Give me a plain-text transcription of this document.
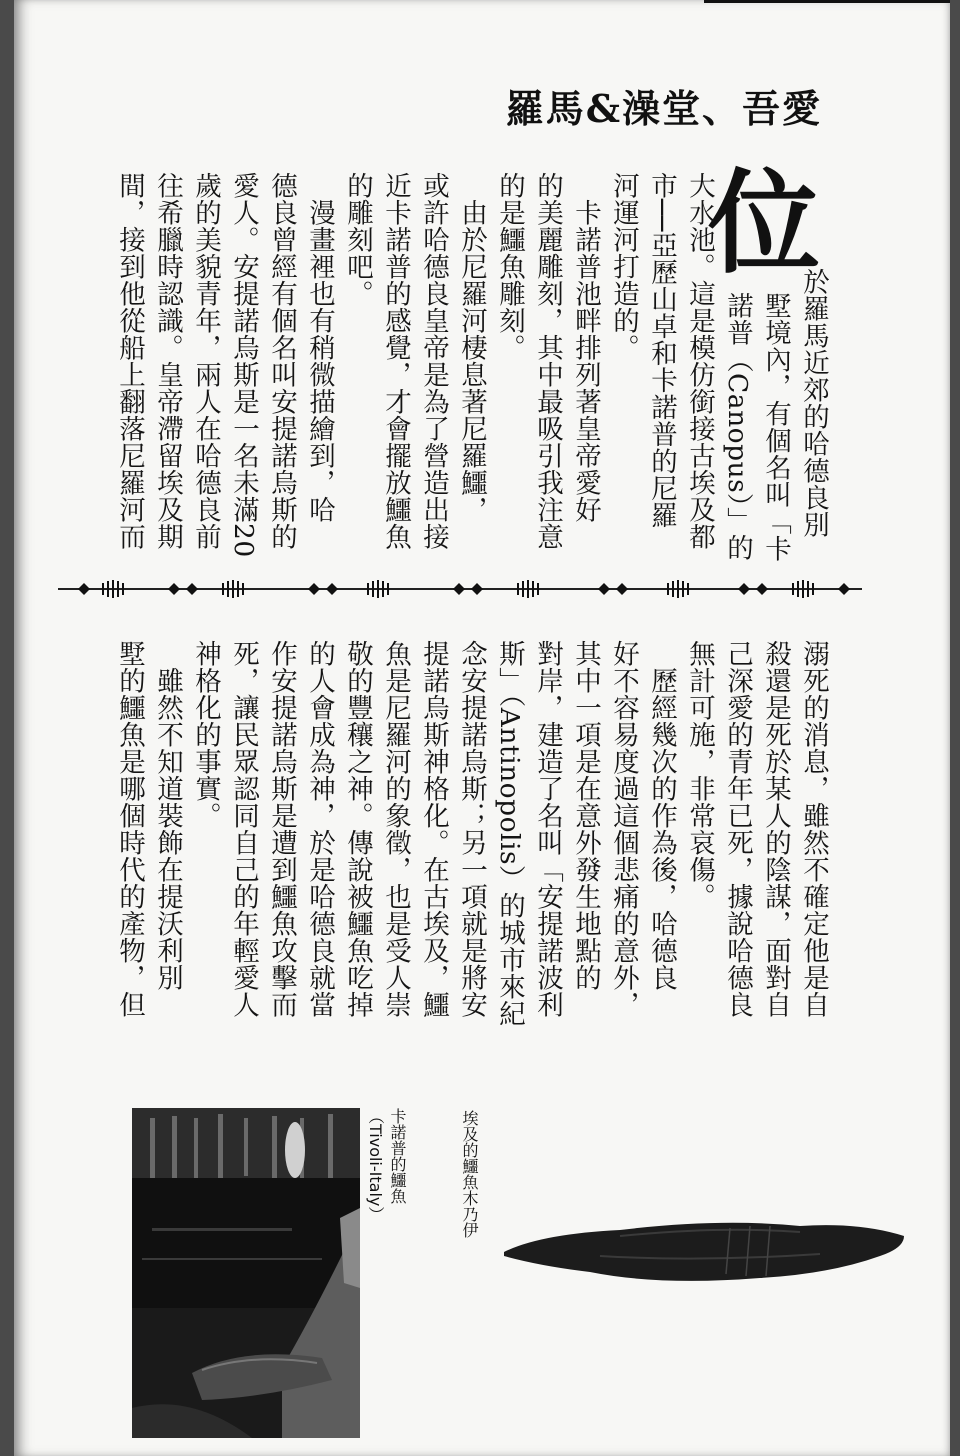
羅馬&澡堂、吾愛
位

於羅馬近郊的哈德良別

墅境內，有個名叫「卡

諾普（Canopus）」的

大水池。這是模仿銜接古埃及都

市──亞歷山卓和卡諾普的尼羅

河運河打造的。

卡諾普池畔排列著皇帝愛好

的美麗雕刻，其中最吸引我注意

的是鱷魚雕刻。

由於尼羅河棲息著尼羅鱷，

或許哈德良皇帝是為了營造出接

近卡諾普的感覺，才會擺放鱷魚

的雕刻吧。

漫畫裡也有稍微描繪到，哈

德良曾經有個名叫安提諾烏斯的

愛人。安提諾烏斯是一名未滿20

歲的美貌青年，兩人在哈德良前

往希臘時認識。皇帝滯留埃及期

間，接到他從船上翻落尼羅河而

溺死的消息，雖然不確定他是自

殺還是死於某人的陰謀，面對自

己深愛的青年已死，據說哈德良

無計可施，非常哀傷。

歷經幾次的作為後，哈德良

好不容易度過這個悲痛的意外，

其中一項是在意外發生地點的

對岸，建造了名叫「安提諾波利

斯」（Antinopolis）的城市來紀

念安提諾烏斯；另一項就是將安

提諾烏斯神格化。在古埃及，鱷

魚是尼羅河的象徵，也是受人崇

敬的豐穰之神。傳說被鱷魚吃掉

的人會成為神，於是哈德良就當

作安提諾烏斯是遭到鱷魚攻擊而

死，讓民眾認同自己的年輕愛人

神格化的事實。

雖然不知道裝飾在提沃利別

墅的鱷魚是哪個時代的產物，但

卡諾普的鱷魚
（Tivoli-Italy）	埃及的鱷魚木乃伊
